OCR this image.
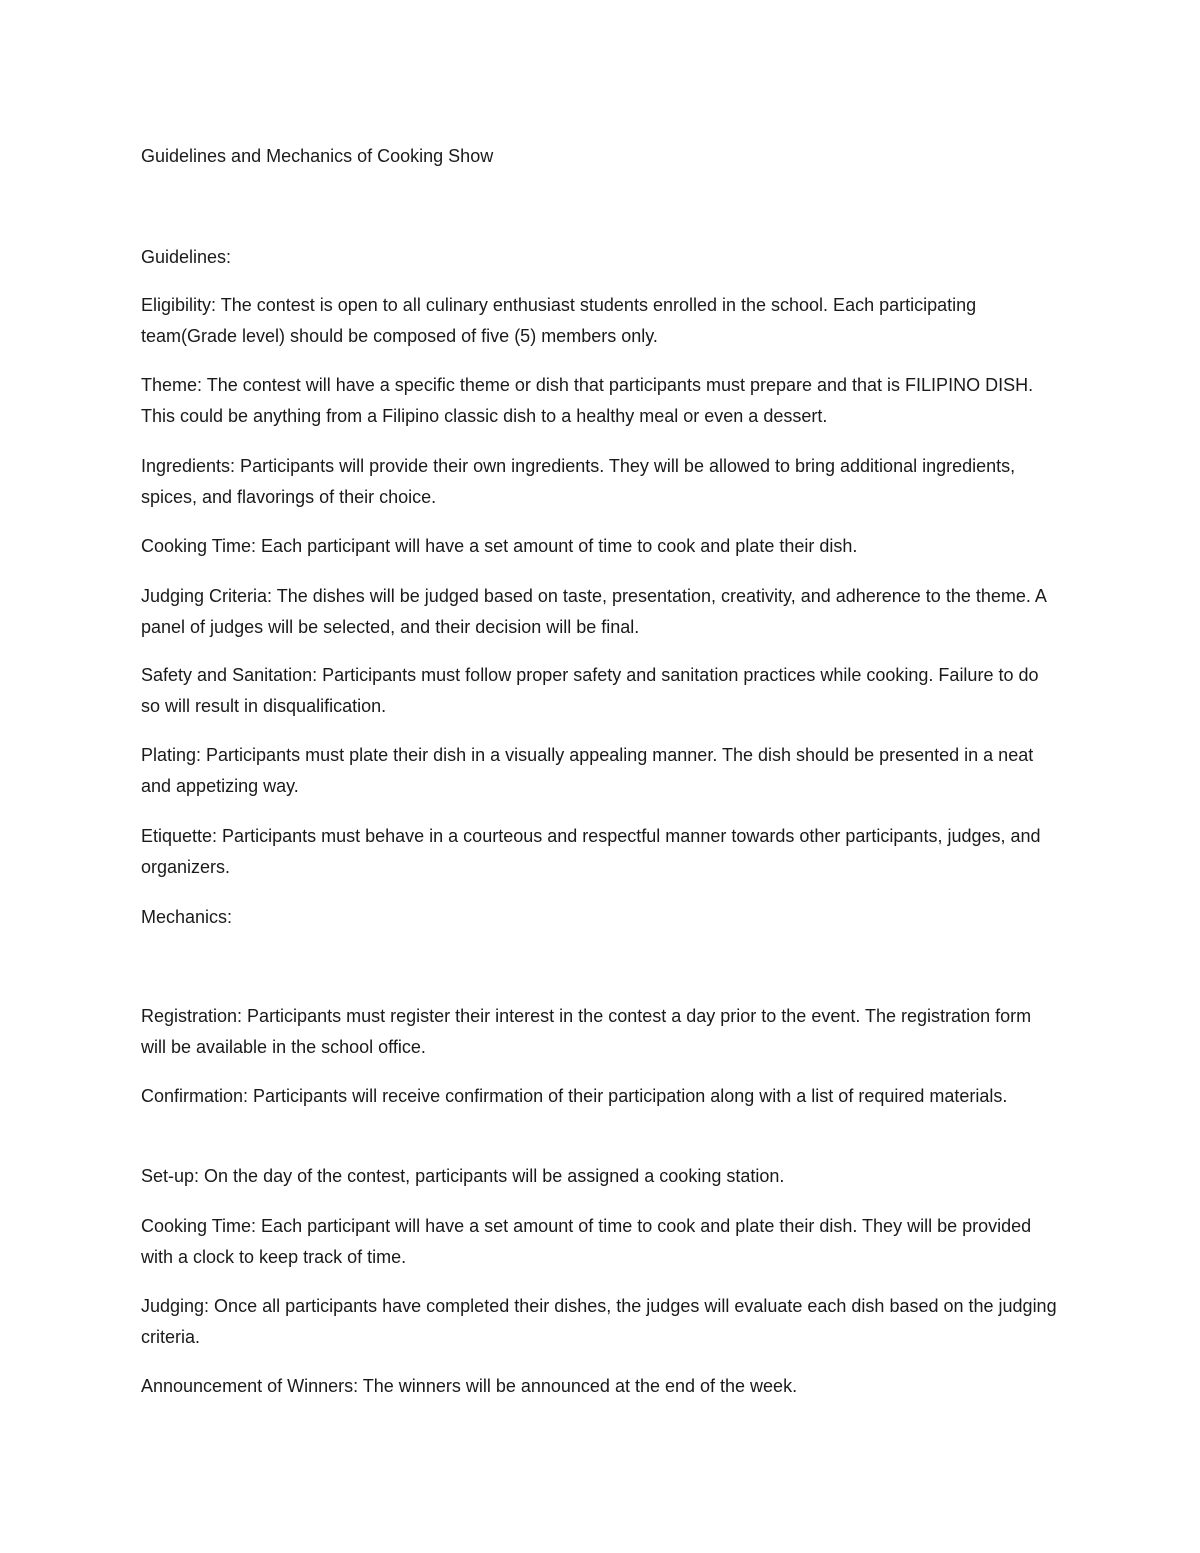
Guidelines and Mechanics of Cooking Show
Guidelines:

Eligibility: The contest is open to all culinary enthusiast students enrolled in the school. Each participating team(Grade level) should be composed of five (5) members only.

Theme: The contest will have a specific theme or dish that participants must prepare and that is FILIPINO DISH. This could be anything from a Filipino classic dish to a healthy meal or even a dessert.

Ingredients: Participants will provide their own ingredients. They will be allowed to bring additional ingredients, spices, and flavorings of their choice.

Cooking Time: Each participant will have a set amount of time to cook and plate their dish.

Judging Criteria: The dishes will be judged based on taste, presentation, creativity, and adherence to the theme. A panel of judges will be selected, and their decision will be final.

Safety and Sanitation: Participants must follow proper safety and sanitation practices while cooking. Failure to do so will result in disqualification.

Plating: Participants must plate their dish in a visually appealing manner. The dish should be presented in a neat and appetizing way.

Etiquette: Participants must behave in a courteous and respectful manner towards other participants, judges, and organizers.

Mechanics:

Registration: Participants must register their interest in the contest a day prior to the event. The registration form will be available in the school office.

Confirmation: Participants will receive confirmation of their participation along with a list of required materials.

Set-up: On the day of the contest, participants will be assigned a cooking station.

Cooking Time: Each participant will have a set amount of time to cook and plate their dish. They will be provided with a clock to keep track of time.

Judging: Once all participants have completed their dishes, the judges will evaluate each dish based on the judging criteria.

Announcement of Winners: The winners will be announced at the end of the week.
